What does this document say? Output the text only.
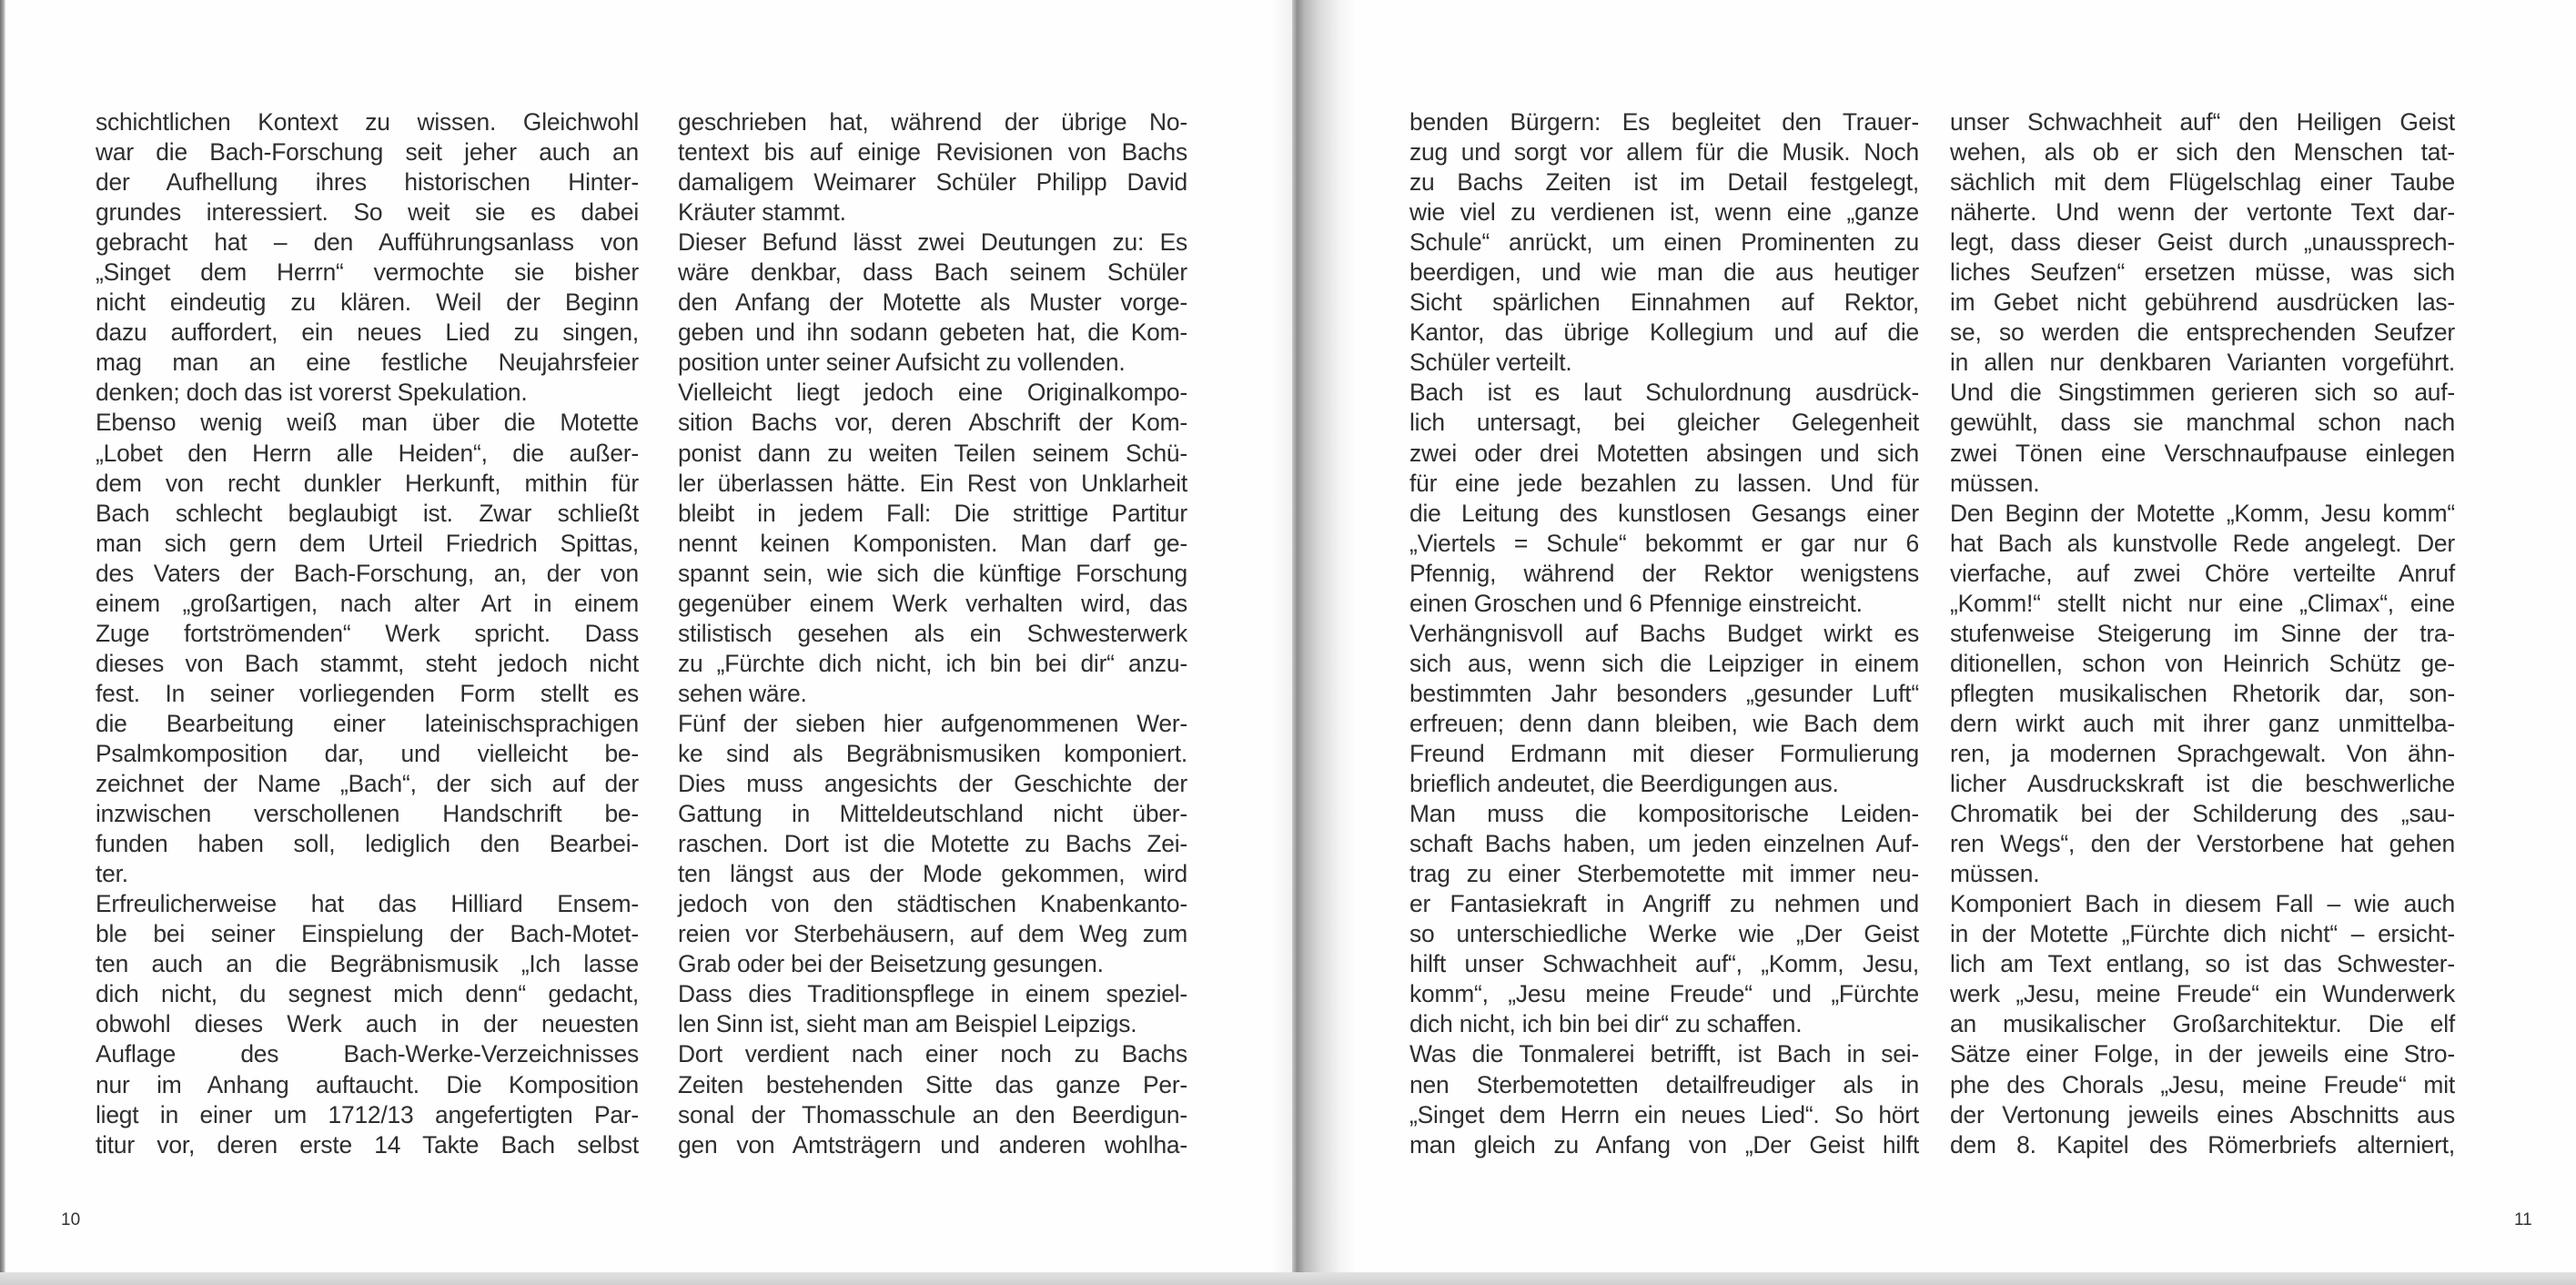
schichtlichen Kontext zu wissen. Gleichwohl
war die Bach-Forschung seit jeher auch an
der Aufhellung ihres historischen Hinter-
grundes interessiert. So weit sie es dabei
gebracht hat – den Aufführungsanlass von
„Singet dem Herrn“ vermochte sie bisher
nicht eindeutig zu klären. Weil der Beginn
dazu auffordert, ein neues Lied zu singen,
mag man an eine festliche Neujahrsfeier
denken; doch das ist vorerst Spekulation.
Ebenso wenig weiß man über die Motette
„Lobet den Herrn alle Heiden“, die außer-
dem von recht dunkler Herkunft, mithin für
Bach schlecht beglaubigt ist. Zwar schließt
man sich gern dem Urteil Friedrich Spittas,
des Vaters der Bach-Forschung, an, der von
einem „großartigen, nach alter Art in einem
Zuge fortströmenden“ Werk spricht. Dass
dieses von Bach stammt, steht jedoch nicht
fest. In seiner vorliegenden Form stellt es
die Bearbeitung einer lateinischsprachigen
Psalmkomposition dar, und vielleicht be-
zeichnet der Name „Bach“, der sich auf der
inzwischen verschollenen Handschrift be-
funden haben soll, lediglich den Bearbei-
ter.
Erfreulicherweise hat das Hilliard Ensem-
ble bei seiner Einspielung der Bach-Motet-
ten auch an die Begräbnismusik „Ich lasse
dich nicht, du segnest mich denn“ gedacht,
obwohl dieses Werk auch in der neuesten
Auflage des Bach-Werke-Verzeichnisses
nur im Anhang auftaucht. Die Komposition
liegt in einer um 1712/13 angefertigten Par-
titur vor, deren erste 14 Takte Bach selbst
geschrieben hat, während der übrige No-
tentext bis auf einige Revisionen von Bachs
damaligem Weimarer Schüler Philipp David
Kräuter stammt.
Dieser Befund lässt zwei Deutungen zu: Es
wäre denkbar, dass Bach seinem Schüler
den Anfang der Motette als Muster vorge-
geben und ihn sodann gebeten hat, die Kom-
position unter seiner Aufsicht zu vollenden.
Vielleicht liegt jedoch eine Originalkompo-
sition Bachs vor, deren Abschrift der Kom-
ponist dann zu weiten Teilen seinem Schü-
ler überlassen hätte. Ein Rest von Unklarheit
bleibt in jedem Fall: Die strittige Partitur
nennt keinen Komponisten. Man darf ge-
spannt sein, wie sich die künftige Forschung
gegenüber einem Werk verhalten wird, das
stilistisch gesehen als ein Schwesterwerk
zu „Fürchte dich nicht, ich bin bei dir“ anzu-
sehen wäre.
Fünf der sieben hier aufgenommenen Wer-
ke sind als Begräbnismusiken komponiert.
Dies muss angesichts der Geschichte der
Gattung in Mitteldeutschland nicht über-
raschen. Dort ist die Motette zu Bachs Zei-
ten längst aus der Mode gekommen, wird
jedoch von den städtischen Knabenkanto-
reien vor Sterbehäusern, auf dem Weg zum
Grab oder bei der Beisetzung gesungen.
Dass dies Traditionspflege in einem speziel-
len Sinn ist, sieht man am Beispiel Leipzigs.
Dort verdient nach einer noch zu Bachs
Zeiten bestehenden Sitte das ganze Per-
sonal der Thomasschule an den Beerdigun-
gen von Amtsträgern und anderen wohlha-
10
benden Bürgern: Es begleitet den Trauer-
zug und sorgt vor allem für die Musik. Noch
zu Bachs Zeiten ist im Detail festgelegt,
wie viel zu verdienen ist, wenn eine „ganze
Schule“ anrückt, um einen Prominenten zu
beerdigen, und wie man die aus heutiger
Sicht spärlichen Einnahmen auf Rektor,
Kantor, das übrige Kollegium und auf die
Schüler verteilt.
Bach ist es laut Schulordnung ausdrück-
lich untersagt, bei gleicher Gelegenheit
zwei oder drei Motetten absingen und sich
für eine jede bezahlen zu lassen. Und für
die Leitung des kunstlosen Gesangs einer
„Viertels = Schule“ bekommt er gar nur 6
Pfennig, während der Rektor wenigstens
einen Groschen und 6 Pfennige einstreicht.
Verhängnisvoll auf Bachs Budget wirkt es
sich aus, wenn sich die Leipziger in einem
bestimmten Jahr besonders „gesunder Luft“
erfreuen; denn dann bleiben, wie Bach dem
Freund Erdmann mit dieser Formulierung
brieflich andeutet, die Beerdigungen aus.
Man muss die kompositorische Leiden-
schaft Bachs haben, um jeden einzelnen Auf-
trag zu einer Sterbemotette mit immer neu-
er Fantasiekraft in Angriff zu nehmen und
so unterschiedliche Werke wie „Der Geist
hilft unser Schwachheit auf“, „Komm, Jesu,
komm“, „Jesu meine Freude“ und „Fürchte
dich nicht, ich bin bei dir“ zu schaffen.
Was die Tonmalerei betrifft, ist Bach in sei-
nen Sterbemotetten detailfreudiger als in
„Singet dem Herrn ein neues Lied“. So hört
man gleich zu Anfang von „Der Geist hilft
unser Schwachheit auf“ den Heiligen Geist
wehen, als ob er sich den Menschen tat-
sächlich mit dem Flügelschlag einer Taube
näherte. Und wenn der vertonte Text dar-
legt, dass dieser Geist durch „unaussprech-
liches Seufzen“ ersetzen müsse, was sich
im Gebet nicht gebührend ausdrücken las-
se, so werden die entsprechenden Seufzer
in allen nur denkbaren Varianten vorgeführt.
Und die Singstimmen gerieren sich so auf-
gewühlt, dass sie manchmal schon nach
zwei Tönen eine Verschnaufpause einlegen
müssen.
Den Beginn der Motette „Komm, Jesu komm“
hat Bach als kunstvolle Rede angelegt. Der
vierfache, auf zwei Chöre verteilte Anruf
„Komm!“ stellt nicht nur eine „Climax“, eine
stufenweise Steigerung im Sinne der tra-
ditionellen, schon von Heinrich Schütz ge-
pflegten musikalischen Rhetorik dar, son-
dern wirkt auch mit ihrer ganz unmittelba-
ren, ja modernen Sprachgewalt. Von ähn-
licher Ausdruckskraft ist die beschwerliche
Chromatik bei der Schilderung des „sau-
ren Wegs“, den der Verstorbene hat gehen
müssen.
Komponiert Bach in diesem Fall – wie auch
in der Motette „Fürchte dich nicht“ – ersicht-
lich am Text entlang, so ist das Schwester-
werk „Jesu, meine Freude“ ein Wunderwerk
an musikalischer Großarchitektur. Die elf
Sätze einer Folge, in der jeweils eine Stro-
phe des Chorals „Jesu, meine Freude“ mit
der Vertonung jeweils eines Abschnitts aus
dem 8. Kapitel des Römerbriefs alterniert,
11
